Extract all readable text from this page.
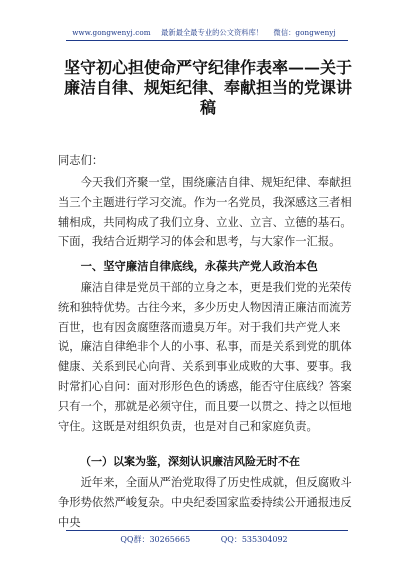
www.gongwenyj.com 最新最全最专业的公文资料库！ 微信：gongwenyj
坚守初心担使命严守纪律作表率——关于廉洁自律、规矩纪律、奉献担当的党课讲稿
同志们：
今天我们齐聚一堂，围绕廉洁自律、规矩纪律、奉献担当三个主题进行学习交流。作为一名党员，我深感这三者相辅相成，共同构成了我们立身、立业、立言、立德的基石。下面，我结合近期学习的体会和思考，与大家作一汇报。
一、坚守廉洁自律底线，永葆共产党人政治本色
廉洁自律是党员干部的立身之本，更是我们党的光荣传统和独特优势。古往今来，多少历史人物因清正廉洁而流芳百世，也有因贪腐堕落而遗臭万年。对于我们共产党人来说，廉洁自律绝非个人的小事、私事，而是关系到党的肌体健康、关系到民心向背、关系到事业成败的大事、要事。我时常扪心自问：面对形形色色的诱惑，能否守住底线？答案只有一个，那就是必须守住，而且要一以贯之、持之以恒地守住。这既是对组织负责，也是对自己和家庭负责。
（一）以案为鉴，深刻认识廉洁风险无时不在
近年来，全面从严治党取得了历史性成就，但反腐败斗争形势依然严峻复杂。中央纪委国家监委持续公开通报违反中央
QQ群：30265665	QQ：535304092
